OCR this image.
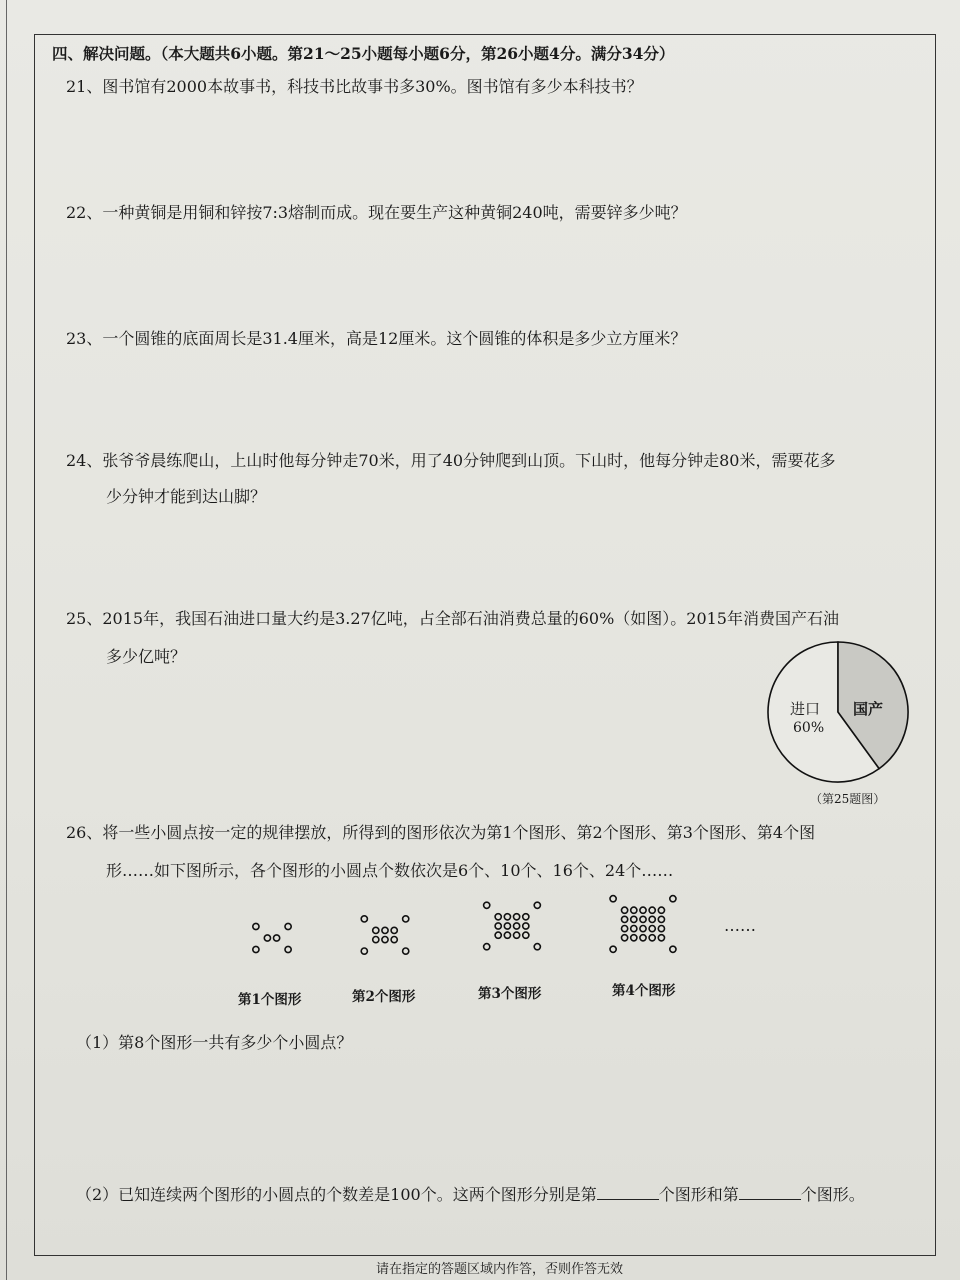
四、解决问题。（本大题共6小题。第21～25小题每小题6分，第26小题4分。满分34分）
21、图书馆有2000本故事书，科技书比故事书多30%。图书馆有多少本科技书？
22、一种黄铜是用铜和锌按7:3熔制而成。现在要生产这种黄铜240吨，需要锌多少吨？
23、一个圆锥的底面周长是31.4厘米，高是12厘米。这个圆锥的体积是多少立方厘米？
24、张爷爷晨练爬山，上山时他每分钟走70米，用了40分钟爬到山顶。下山时，他每分钟走80米，需要花多
少分钟才能到达山脚？
25、2015年，我国石油进口量大约是3.27亿吨，占全部石油消费总量的60%（如图）。2015年消费国产石油
多少亿吨？
进口
60%
国产
（第25题图）
26、将一些小圆点按一定的规律摆放，所得到的图形依次为第1个图形、第2个图形、第3个图形、第4个图
形……如下图所示，各个图形的小圆点个数依次是6个、10个、16个、24个……
第1个图形	第2个图形	第3个图形	第4个图形
……
（1）第8个图形一共有多少个小圆点？
（2）已知连续两个图形的小圆点的个数差是100个。这两个图形分别是第	个图形和第	个图形。
请在指定的答题区域内作答，否则作答无效
